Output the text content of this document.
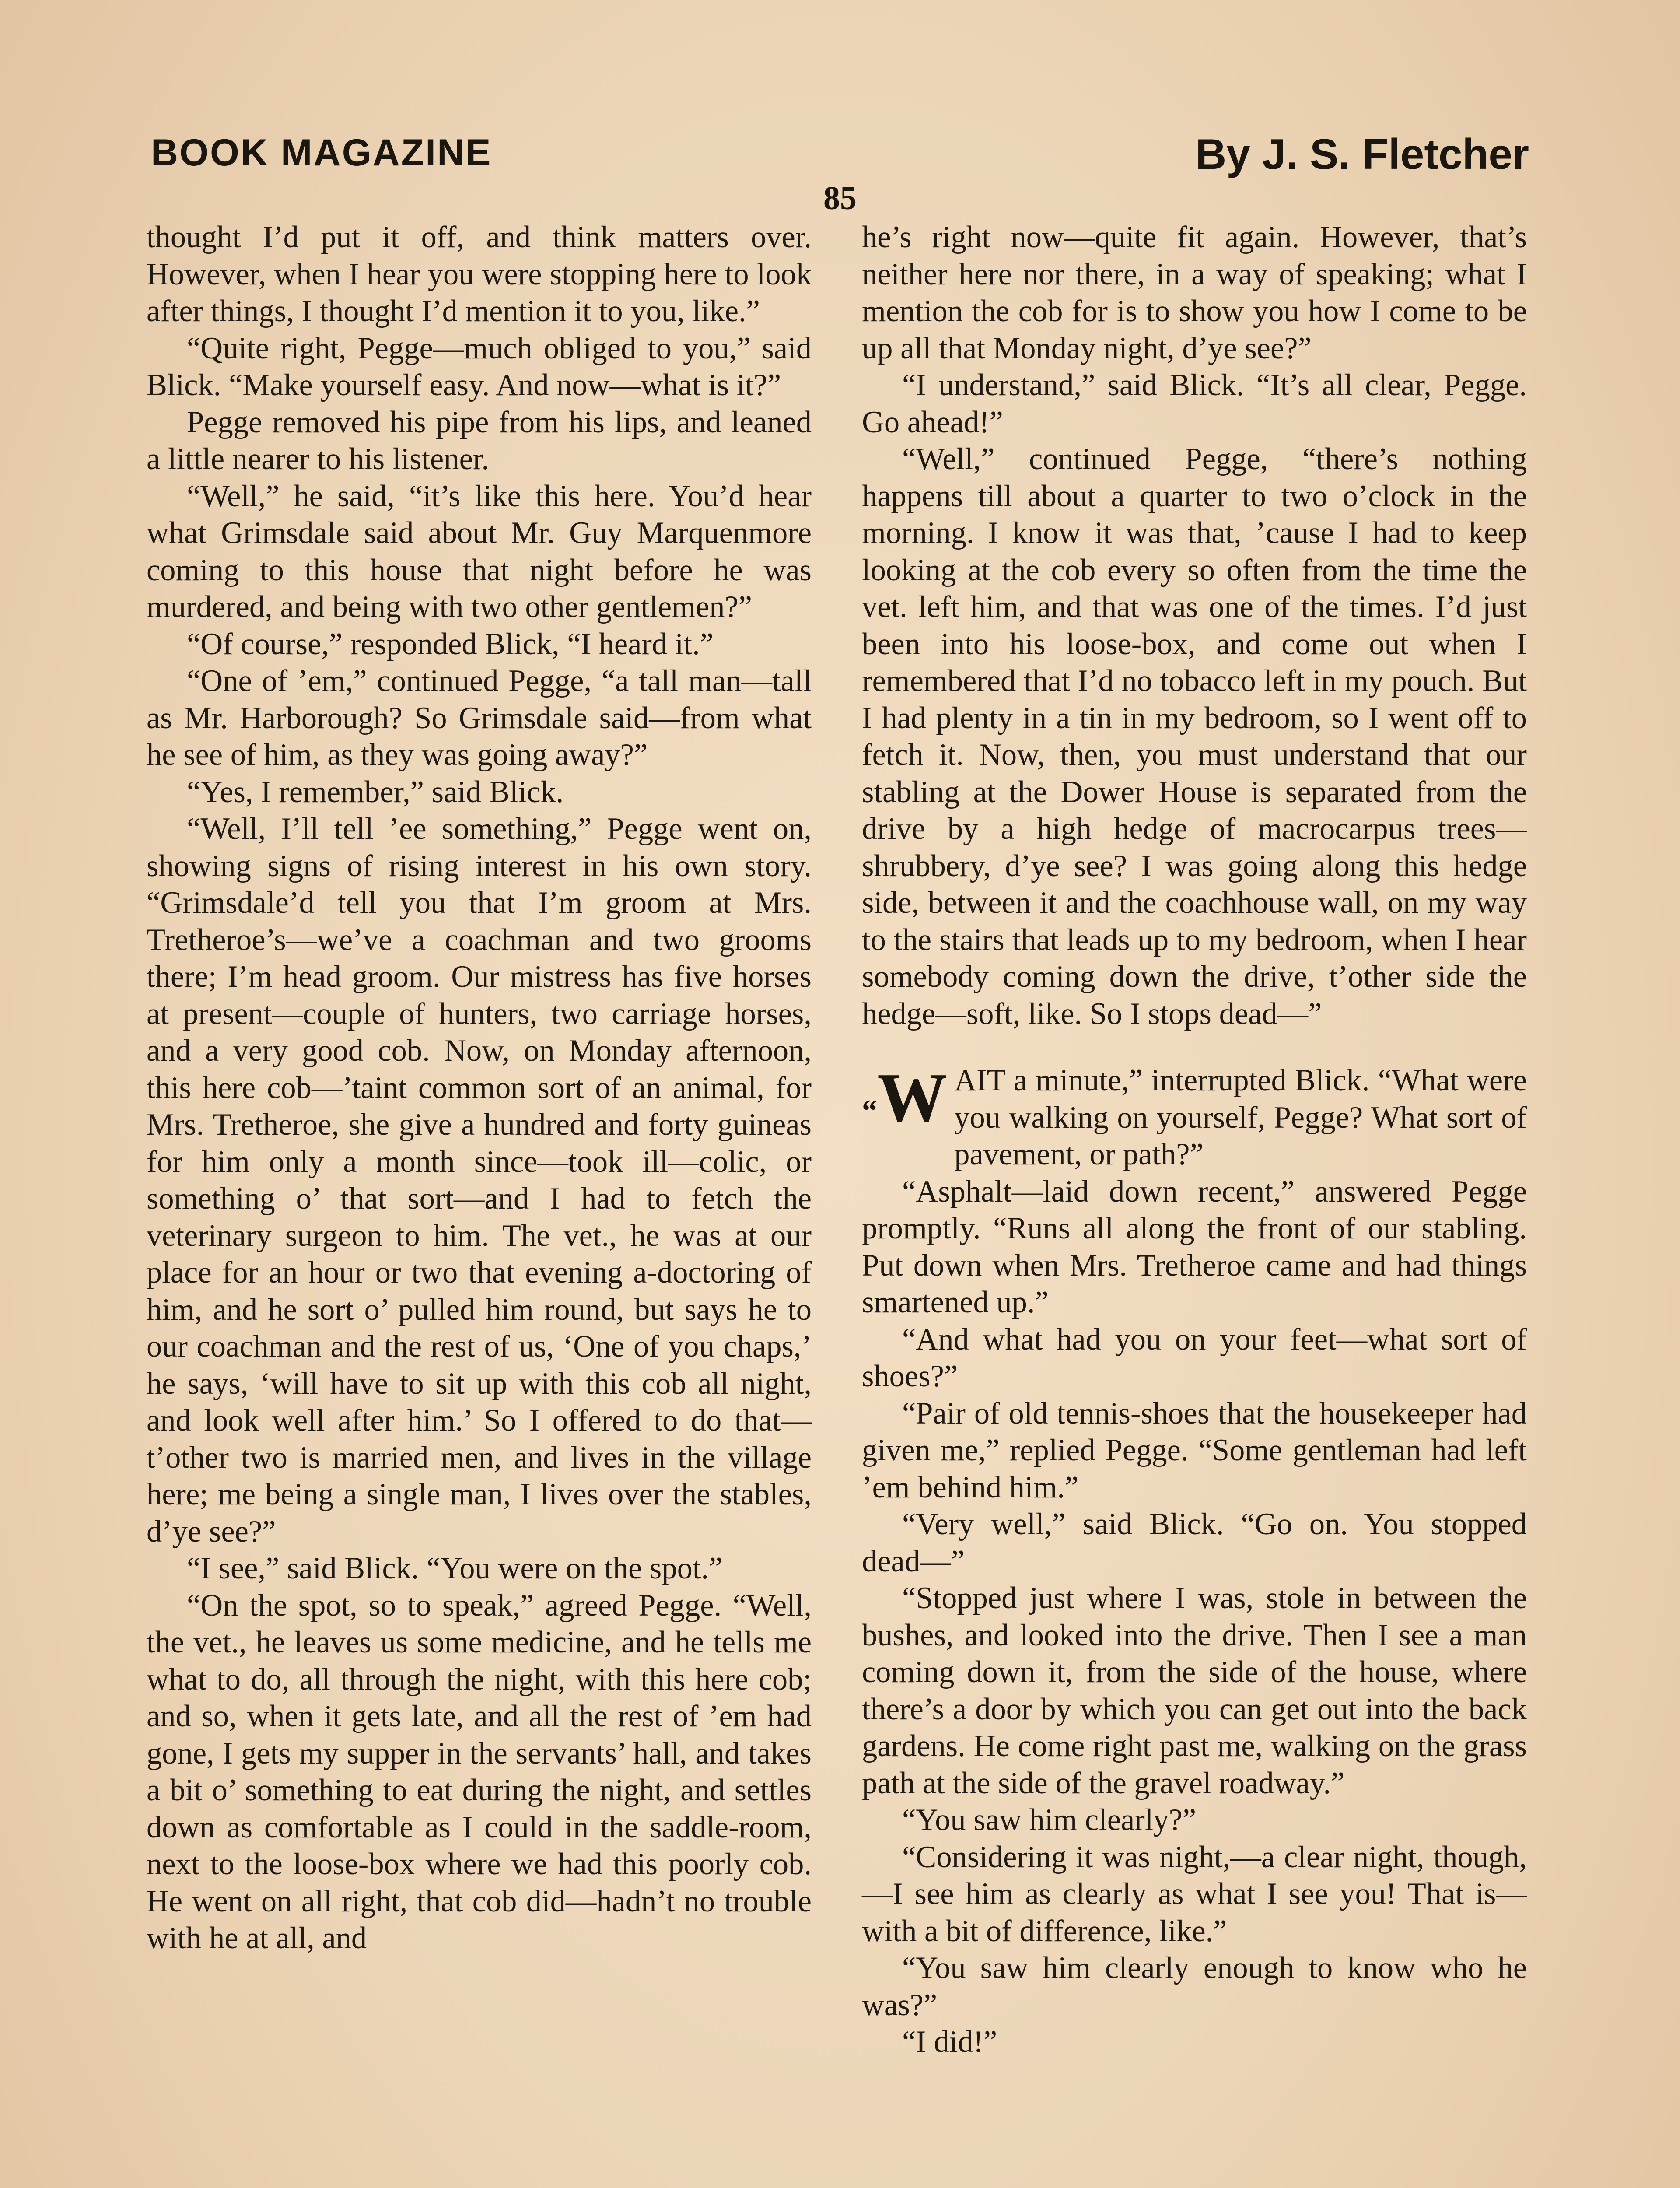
BOOK MAGAZINE	By J. S. Fletcher
85

thought I’d put it off, and think matters over. However, when I hear you were stopping here to look after things, I thought I’d mention it to you, like.”

“Quite right, Pegge—much obliged to you,” said Blick. “Make yourself easy. And now—what is it?”

Pegge removed his pipe from his lips, and leaned a little nearer to his listener.

“Well,” he said, “it’s like this here. You’d hear what Grimsdale said about Mr. Guy Marquenmore coming to this house that night before he was murdered, and being with two other gentlemen?”

“Of course,” responded Blick, “I heard it.”

“One of ’em,” continued Pegge, “a tall man—tall as Mr. Harborough? So Grimsdale said—from what he see of him, as they was going away?”

“Yes, I remember,” said Blick.

“Well, I’ll tell ’ee something,” Pegge went on, showing signs of rising interest in his own story. “Grimsdale’d tell you that I’m groom at Mrs. Tretheroe’s—we’ve a coachman and two grooms there; I’m head groom. Our mistress has five horses at present—couple of hunters, two carriage horses, and a very good cob. Now, on Monday afternoon, this here cob—’taint common sort of an animal, for Mrs. Tretheroe, she give a hundred and forty guineas for him only a month since—took ill—colic, or something o’ that sort—and I had to fetch the veterinary surgeon to him. The vet., he was at our place for an hour or two that evening a-doctoring of him, and he sort o’ pulled him round, but says he to our coachman and the rest of us, ‘One of you chaps,’ he says, ‘will have to sit up with this cob all night, and look well after him.’ So I offered to do that—t’other two is married men, and lives in the village here; me being a single man, I lives over the stables, d’ye see?”

“I see,” said Blick. “You were on the spot.”

“On the spot, so to speak,” agreed Pegge. “Well, the vet., he leaves us some medicine, and he tells me what to do, all through the night, with this here cob; and so, when it gets late, and all the rest of ’em had gone, I gets my supper in the servants’ hall, and takes a bit o’ something to eat during the night, and settles down as comfortable as I could in the saddle-room, next to the loose-box where we had this poorly cob. He went on all right, that cob did—hadn’t no trouble with he at all, and

he’s right now—quite fit again. However, that’s neither here nor there, in a way of speaking; what I mention the cob for is to show you how I come to be up all that Monday night, d’ye see?”

“I understand,” said Blick. “It’s all clear, Pegge. Go ahead!”

“Well,” continued Pegge, “there’s nothing happens till about a quarter to two o’clock in the morning. I know it was that, ’cause I had to keep looking at the cob every so often from the time the vet. left him, and that was one of the times. I’d just been into his loose-box, and come out when I remembered that I’d no tobacco left in my pouch. But I had plenty in a tin in my bedroom, so I went off to fetch it. Now, then, you must understand that our stabling at the Dower House is separated from the drive by a high hedge of macrocarpus trees—shrubbery, d’ye see? I was going along this hedge side, between it and the coachhouse wall, on my way to the stairs that leads up to my bedroom, when I hear somebody coming down the drive, t’other side the hedge—soft, like. So I stops dead—”

“W AIT a minute,” interrupted Blick. “What were you walking on yourself, Pegge? What sort of pavement, or path?”

“Asphalt—laid down recent,” answered Pegge promptly. “Runs all along the front of our stabling. Put down when Mrs. Tretheroe came and had things smartened up.”

“And what had you on your feet—what sort of shoes?”

“Pair of old tennis-shoes that the housekeeper had given me,” replied Pegge. “Some gentleman had left ’em behind him.”

“Very well,” said Blick. “Go on. You stopped dead—”

“Stopped just where I was, stole in between the bushes, and looked into the drive. Then I see a man coming down it, from the side of the house, where there’s a door by which you can get out into the back gardens. He come right past me, walking on the grass path at the side of the gravel roadway.”

“You saw him clearly?”

“Considering it was night,—a clear night, though,—I see him as clearly as what I see you! That is—with a bit of difference, like.”

“You saw him clearly enough to know who he was?”

“I did!”
